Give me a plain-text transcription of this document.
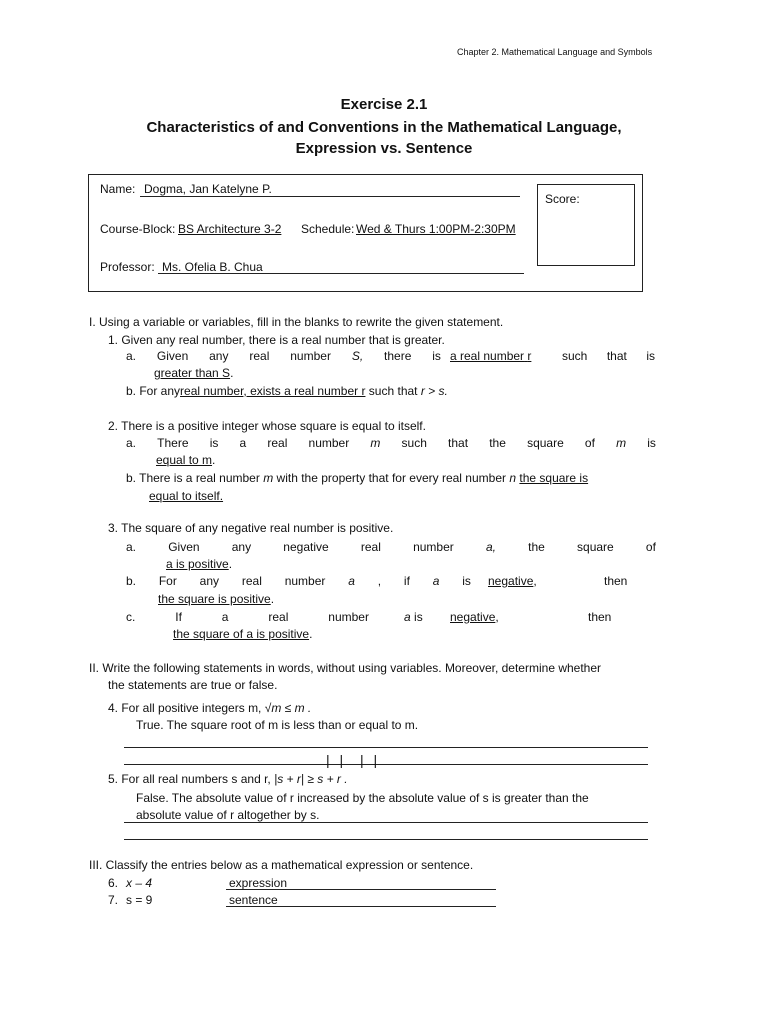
Chapter 2. Mathematical Language and Symbols
Exercise 2.1
Characteristics of and Conventions in the Mathematical Language,
Expression vs. Sentence
Name: Dogma, Jan Katelyne P.
Course-Block: BS Architecture 3-2 Schedule: Wed & Thurs 1:00PM-2:30PM
Professor: Ms. Ofelia B. Chua
Score:
I. Using a variable or variables, fill in the blanks to rewrite the given statement.
1. Given any real number, there is a real number that is greater.
a. Given any real number S, there is a real number r	such that is
greater than S.
b. For anyreal number, exists a real number r such that r > s.
2. There is a positive integer whose square is equal to itself.
a. There is a real number m such that the square of m is
equal to m.
b. There is a real number m with the property that for every real number n the square is
equal to itself.
3. The square of any negative real number is positive.
a.	Given	any	negative	real	number	a,	the	square	of
a is positive.
b. For any real number a , if a is negative,	then
the square is positive.
c.	If	a	real	number	a is negative,	then
the square of a is positive.
II. Write the following statements in words, without using variables. Moreover, determine whether
the statements are true or false.
4. For all positive integers m, √m ≤ m .
True. The square root of m is less than or equal to m.
| |  | |
5. For all real numbers s and r, |s + r| ≥ s + r .
False. The absolute value of r increased by the absolute value of s is greater than the
absolute value of r altogether by s.
III. Classify the entries below as a mathematical expression or sentence.
6. x – 4	expression
7. s = 9	sentence
